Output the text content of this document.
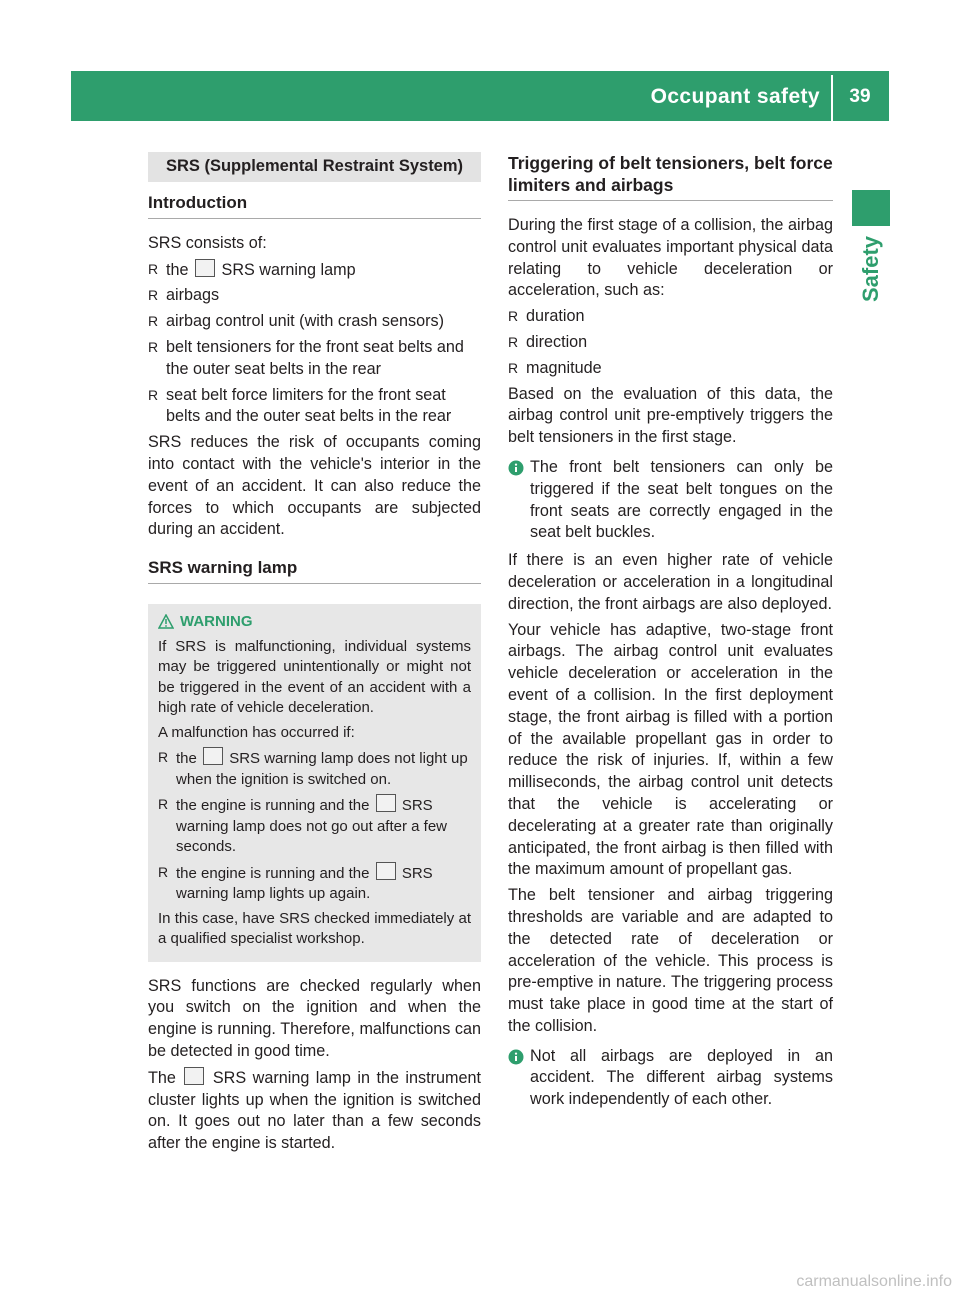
Occupant safety	39
Safety
SRS (Supplemental Restraint System)
Introduction

SRS consists of:

R the SRS warning lamp
R airbags
R airbag control unit (with crash sensors)
R belt tensioners for the front seat belts and the outer seat belts in the rear
R seat belt force limiters for the front seat belts and the outer seat belts in the rear

SRS reduces the risk of occupants coming into contact with the vehicle's interior in the event of an accident. It can also reduce the forces to which occupants are subjected during an accident.

SRS warning lamp
WARNING

If SRS is malfunctioning, individual systems may be triggered unintentionally or might not be triggered in the event of an accident with a high rate of vehicle deceleration.

A malfunction has occurred if:

R the SRS warning lamp does not light up when the ignition is switched on.
R the engine is running and the SRS warning lamp does not go out after a few seconds.
R the engine is running and the SRS warning lamp lights up again.

In this case, have SRS checked immediately at a qualified specialist workshop.

SRS functions are checked regularly when you switch on the ignition and when the engine is running. Therefore, malfunctions can be detected in good time.

The SRS warning lamp in the instrument cluster lights up when the ignition is switched on. It goes out no later than a few seconds after the engine is started.

Triggering of belt tensioners, belt force limiters and airbags

During the first stage of a collision, the airbag control unit evaluates important physical data relating to vehicle deceleration or acceleration, such as:

R duration
R direction
R magnitude

Based on the evaluation of this data, the airbag control unit pre-emptively triggers the belt tensioners in the first stage.

The front belt tensioners can only be triggered if the seat belt tongues on the front seats are correctly engaged in the seat belt buckles.

If there is an even higher rate of vehicle deceleration or acceleration in a longitudinal direction, the front airbags are also deployed.

Your vehicle has adaptive, two-stage front airbags. The airbag control unit evaluates vehicle deceleration or acceleration in the event of a collision. In the first deployment stage, the front airbag is filled with a portion of the available propellant gas in order to reduce the risk of injuries. If, within a few milliseconds, the airbag control unit detects that the vehicle is accelerating or decelerating at a greater rate than originally anticipated, the front airbag is then filled with the maximum amount of propellant gas.

The belt tensioner and airbag triggering thresholds are variable and are adapted to the detected rate of deceleration or acceleration of the vehicle. This process is pre-emptive in nature. The triggering process must take place in good time at the start of the collision.

Not all airbags are deployed in an accident. The different airbag systems work independently of each other.
carmanualsonline.info
